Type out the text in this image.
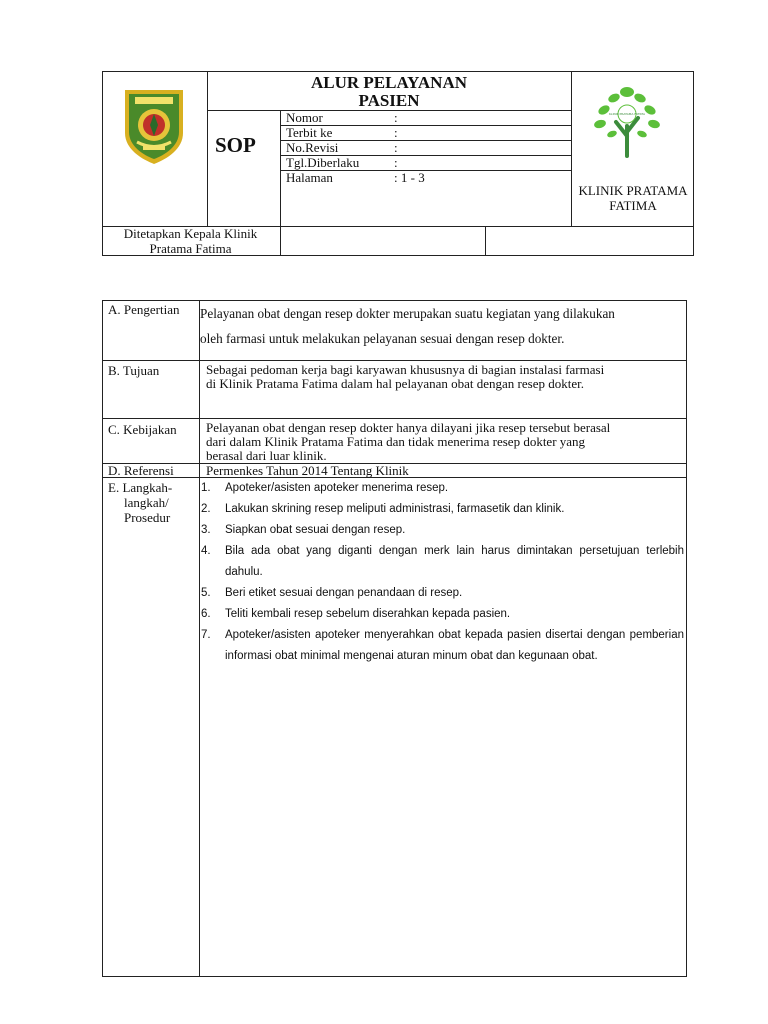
ALUR PELAYANAN
PASIEN
SOP
Nomor	:
Terbit ke	:
No.Revisi	:
Tgl.Diberlaku	:
Halaman	: 1 - 3
KLINIK PRATAMA FATIMA
KLINIK PRATAMA FATIMA
Ditetapkan Kepala Klinik Pratama Fatima
A. Pengertian Pelayanan obat dengan resep dokter merupakan suatu kegiatan yang dilakukan
oleh farmasi untuk melakukan pelayanan sesuai dengan resep dokter.
B. Tujuan	Sebagai pedoman kerja bagi karyawan khususnya di bagian instalasi farmasi
di Klinik Pratama Fatima dalam hal pelayanan obat dengan resep dokter.
C. Kebijakan Pelayanan obat dengan resep dokter hanya dilayani jika resep tersebut berasal
dari dalam Klinik Pratama Fatima dan tidak menerima resep dokter yang
berasal dari luar klinik.
D. Referensi Permenkes Tahun 2014 Tentang Klinik
E. Langkah-
langkah/
Prosedur
1. Apoteker/asisten apoteker menerima resep.
2. Lakukan skrining resep meliputi administrasi, farmasetik dan klinik.
3. Siapkan obat sesuai dengan resep.
4. Bila ada obat yang diganti dengan merk lain harus dimintakan persetujuan terlebih dahulu.
5. Beri etiket sesuai dengan penandaan di resep.
6. Teliti kembali resep sebelum diserahkan kepada pasien.
7. Apoteker/asisten apoteker menyerahkan obat kepada pasien disertai dengan pemberian informasi obat minimal mengenai aturan minum obat dan kegunaan obat.
